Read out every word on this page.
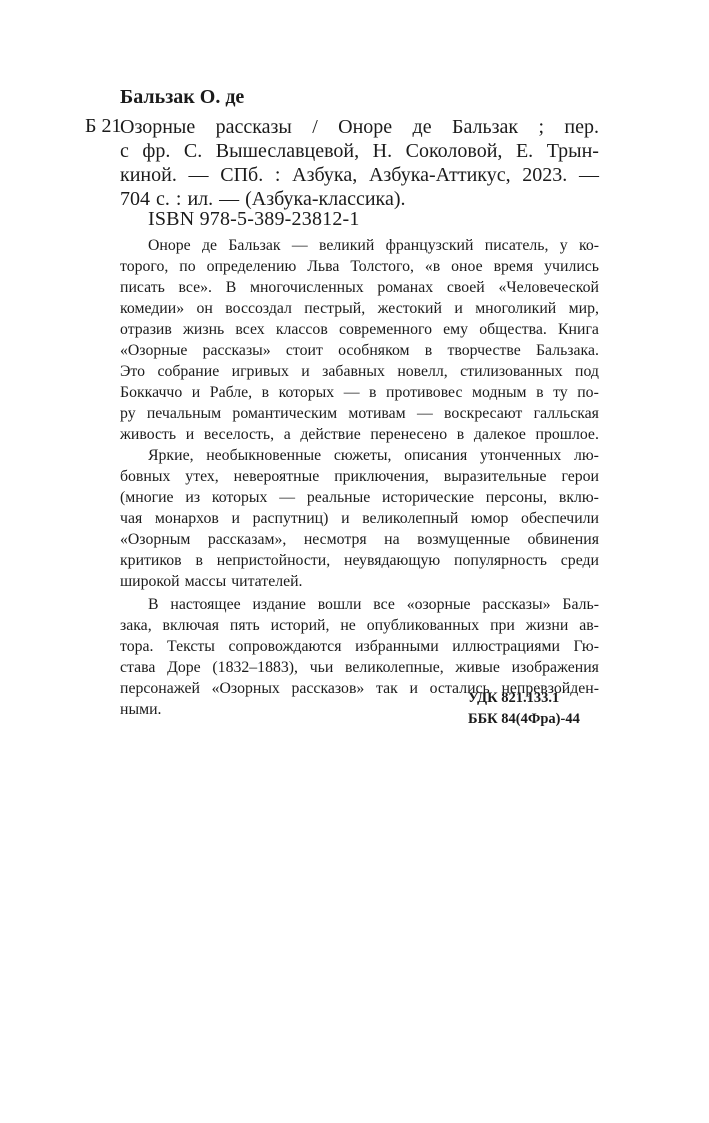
Бальзак О. де
Б 21
Озорные рассказы / Оноре де Бальзак ; пер.
с фр. С. Вышеславцевой, Н. Соколовой, Е. Трын-
киной. — СПб. : Азбука, Азбука-Аттикус, 2023. —
704 с. : ил. — (Азбука-классика).
ISBN 978-5-389-23812-1
Оноре де Бальзак — великий французский писатель, у ко-
торого, по определению Льва Толстого, «в оное время учились
писать все». В многочисленных романах своей «Человеческой
комедии» он воссоздал пестрый, жестокий и многоликий мир,
отразив жизнь всех классов современного ему общества. Книга
«Озорные рассказы» стоит особняком в творчестве Бальзака.
Это собрание игривых и забавных новелл, стилизованных под
Боккаччо и Рабле, в которых — в противовес модным в ту по-
ру печальным романтическим мотивам — воскресают галльская
живость и веселость, а действие перенесено в далекое прошлое.
Яркие, необыкновенные сюжеты, описания утонченных лю-
бовных утех, невероятные приключения, выразительные герои
(многие из которых — реальные исторические персоны, вклю-
чая монархов и распутниц) и великолепный юмор обеспечили
«Озорным рассказам», несмотря на возмущенные обвинения
критиков в непристойности, неувядающую популярность среди
широкой массы читателей.
В настоящее издание вошли все «озорные рассказы» Баль-
зака, включая пять историй, не опубликованных при жизни ав-
тора. Тексты сопровождаются избранными иллюстрациями Гю-
става Доре (1832–1883), чьи великолепные, живые изображения
персонажей «Озорных рассказов» так и остались непревзойден-
ными.
УДК 821.133.1
ББК 84(4Фра)-44
